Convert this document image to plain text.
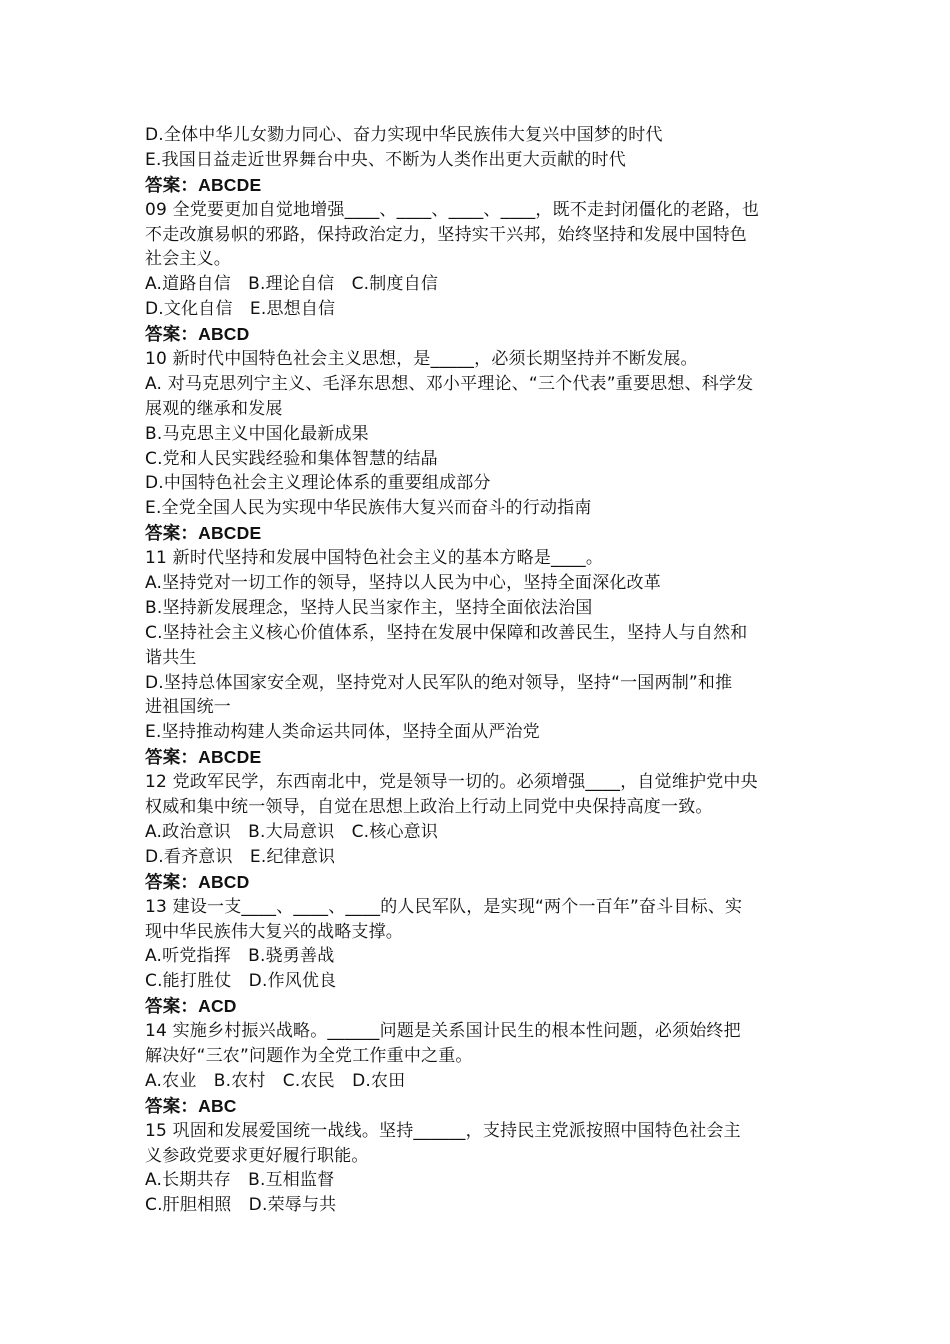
D.全体中华儿女勠力同心、奋力实现中华民族伟大复兴中国梦的时代
E.我国日益走近世界舞台中央、不断为人类作出更大贡献的时代
答案：ABCDE
09 全党要更加自觉地增强____、____、____、____，既不走封闭僵化的老路，也
不走改旗易帜的邪路，保持政治定力，坚持实干兴邦，始终坚持和发展中国特色
社会主义。
A.道路自信　B.理论自信　C.制度自信
D.文化自信　E.思想自信
答案：ABCD
10 新时代中国特色社会主义思想，是_____，必须长期坚持并不断发展。
A. 对马克思列宁主义、毛泽东思想、邓小平理论、“三个代表”重要思想、科学发
展观的继承和发展
B.马克思主义中国化最新成果
C.党和人民实践经验和集体智慧的结晶
D.中国特色社会主义理论体系的重要组成部分
E.全党全国人民为实现中华民族伟大复兴而奋斗的行动指南
答案：ABCDE
11 新时代坚持和发展中国特色社会主义的基本方略是____。
A.坚持党对一切工作的领导，坚持以人民为中心，坚持全面深化改革
B.坚持新发展理念，坚持人民当家作主，坚持全面依法治国
C.坚持社会主义核心价值体系，坚持在发展中保障和改善民生，坚持人与自然和
谐共生
D.坚持总体国家安全观，坚持党对人民军队的绝对领导，坚持“一国两制”和推
进祖国统一
E.坚持推动构建人类命运共同体，坚持全面从严治党
答案：ABCDE
12 党政军民学，东西南北中，党是领导一切的。必须增强____，自觉维护党中央
权威和集中统一领导，自觉在思想上政治上行动上同党中央保持高度一致。
A.政治意识　B.大局意识　C.核心意识
D.看齐意识　E.纪律意识
答案：ABCD
13 建设一支____、____、____的人民军队，是实现“两个一百年”奋斗目标、实
现中华民族伟大复兴的战略支撑。
A.听党指挥　B.骁勇善战
C.能打胜仗　D.作风优良
答案：ACD
14 实施乡村振兴战略。______问题是关系国计民生的根本性问题，必须始终把
解决好“三农”问题作为全党工作重中之重。
A.农业　B.农村　C.农民　D.农田
答案：ABC
15 巩固和发展爱国统一战线。坚持______，支持民主党派按照中国特色社会主
义参政党要求更好履行职能。
A.长期共存　B.互相监督
C.肝胆相照　D.荣辱与共
